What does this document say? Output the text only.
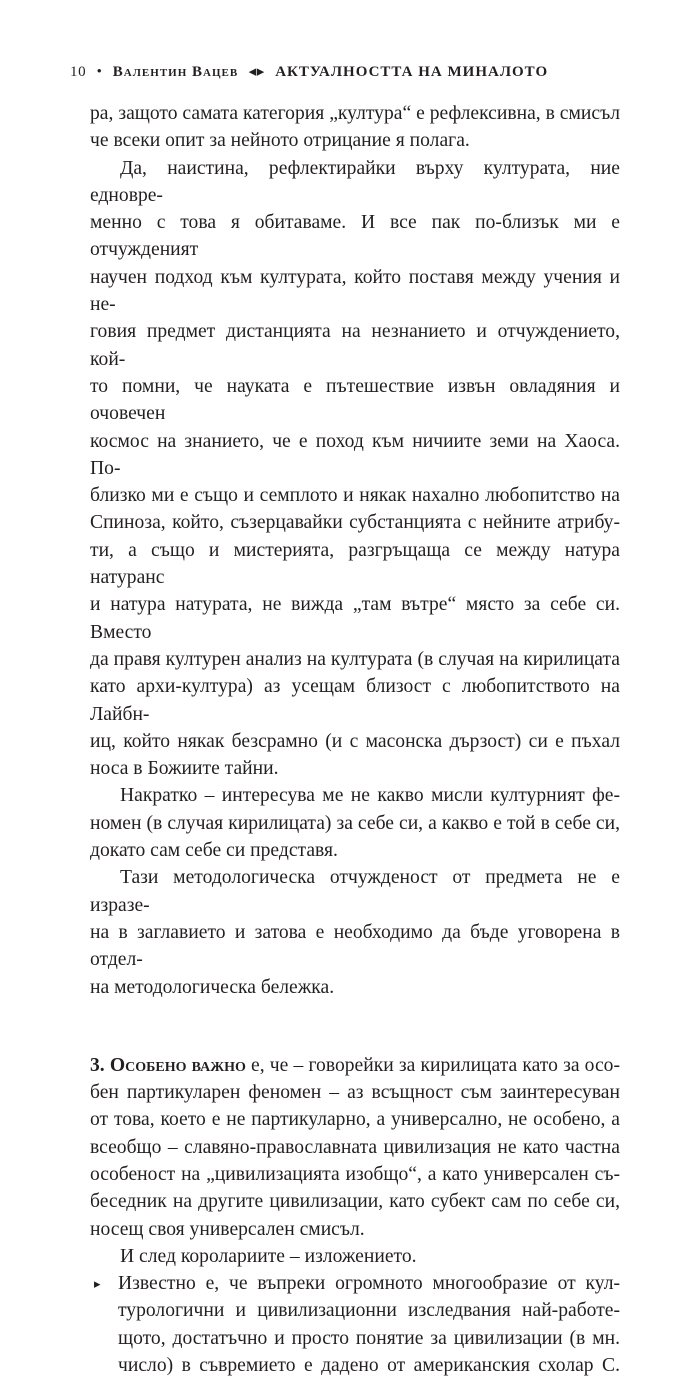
10 • Валентин Вацев ◂▸ АКТУАЛНОСТТА НА МИНАЛОТО

ра, защото самата категория „култура“ е рефлексивна, в смисъл

че всеки опит за нейното отрицание я полага.

Да, наистина, рефлектирайки върху културата, ние едновре-

менно с това я обитаваме. И все пак по-близък ми е отчужденият

научен подход към културата, който поставя между учения и не-

говия предмет дистанцията на незнанието и отчуждението, кой-

то помни, че науката е пътешествие извън овладяния и очовечен

космос на знанието, че е поход към ничиите земи на Хаоса. По-

близко ми е също и семплото и някак нахално любопитство на

Спиноза, който, съзерцавайки субстанцията с нейните атрибу-

ти, а също и мистерията, разгръщаща се между натура натуранс

и натура натурата, не вижда „там вътре“ място за себе си. Вместо

да правя културен анализ на културата (в случая на кирилицата

като архи-култура) аз усещам близост с любопитството на Лайбн-

иц, който някак безсрамно (и с масонска дързост) си е пъхал

носа в Божиите тайни.

Накратко – интересува ме не какво мисли културният фе-

номен (в случая кирилицата) за себе си, а какво е той в себе си,

докато сам себе си представя.

Тази методологическа отчужденост от предмета не е изразе-

на в заглавието и затова е необходимо да бъде уговорена в отдел-

на методологическа бележка.

3. Особено важно е, че – говорейки за кирилицата като за осо-

бен партикуларен феномен – аз всъщност съм заинтересуван

от това, което е не партикуларно, а универсално, не особено, а

всеобщо – славяно-православната цивилизация не като частна

особеност на „цивилизацията изобщо“, а като универсален съ-

беседник на другите цивилизации, като субект сам по себе си,

носещ своя универсален смисъл.

И след королариите – изложението.

▸ Известно е, че въпреки огромното многообразие от кул-

турологични и цивилизационни изследвания най-работе-

щото, достатъчно и просто понятие за цивилизации (в мн.

число) в съвремието е дадено от американския схолар С.
